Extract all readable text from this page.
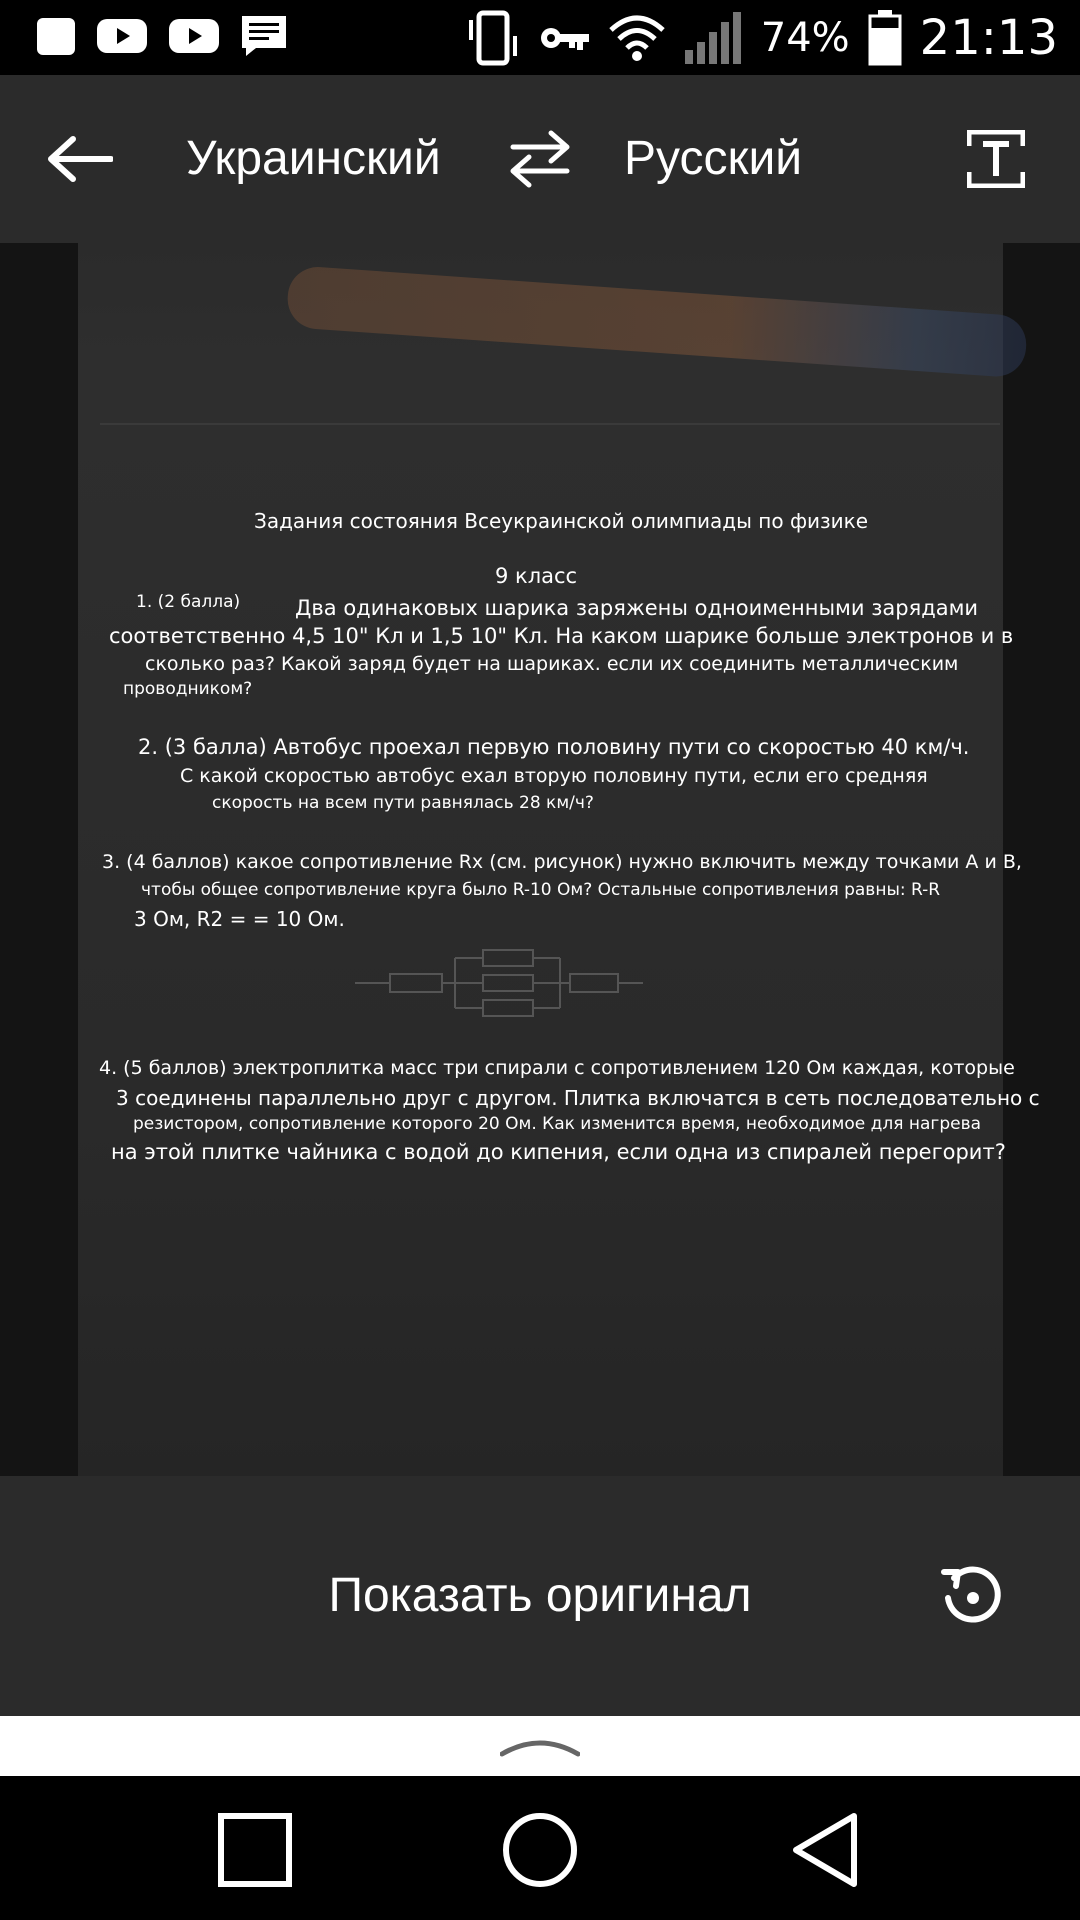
74% 21:13
Украинский	Русский
Задания состояния Всеукраинской олимпиады по физике
9 класс
1. (2 балла)	Два одинаковых шарика заряжены одноименными зарядами
соответственно 4,5 10" Кл и 1,5 10" Кл. На каком шарике больше электронов и в
сколько раз? Какой заряд будет на шариках. если их соединить металлическим
проводником?
2. (3 балла) Автобус проехал первую половину пути со скоростью 40 км/ч.
С какой скоростью автобус ехал вторую половину пути, если его средняя
скорость на всем пути равнялась 28 км/ч?
3. (4 баллов) какое сопротивление Rx (см. рисунок) нужно включить между точками А и В,
чтобы общее сопротивление круга было R-10 Ом? Остальные сопротивления равны: R-R
3 Ом, R2 = = 10 Ом.
4. (5 баллов) электроплитка масс три спирали с сопротивлением 120 Ом каждая, которые
3 соединены параллельно друг с другом. Плитка включатся в сеть последовательно с
резистором, сопротивление которого 20 Ом. Как изменится время, необходимое для нагрева
на этой плитке чайника с водой до кипения, если одна из спиралей перегорит?
Показать оригинал
